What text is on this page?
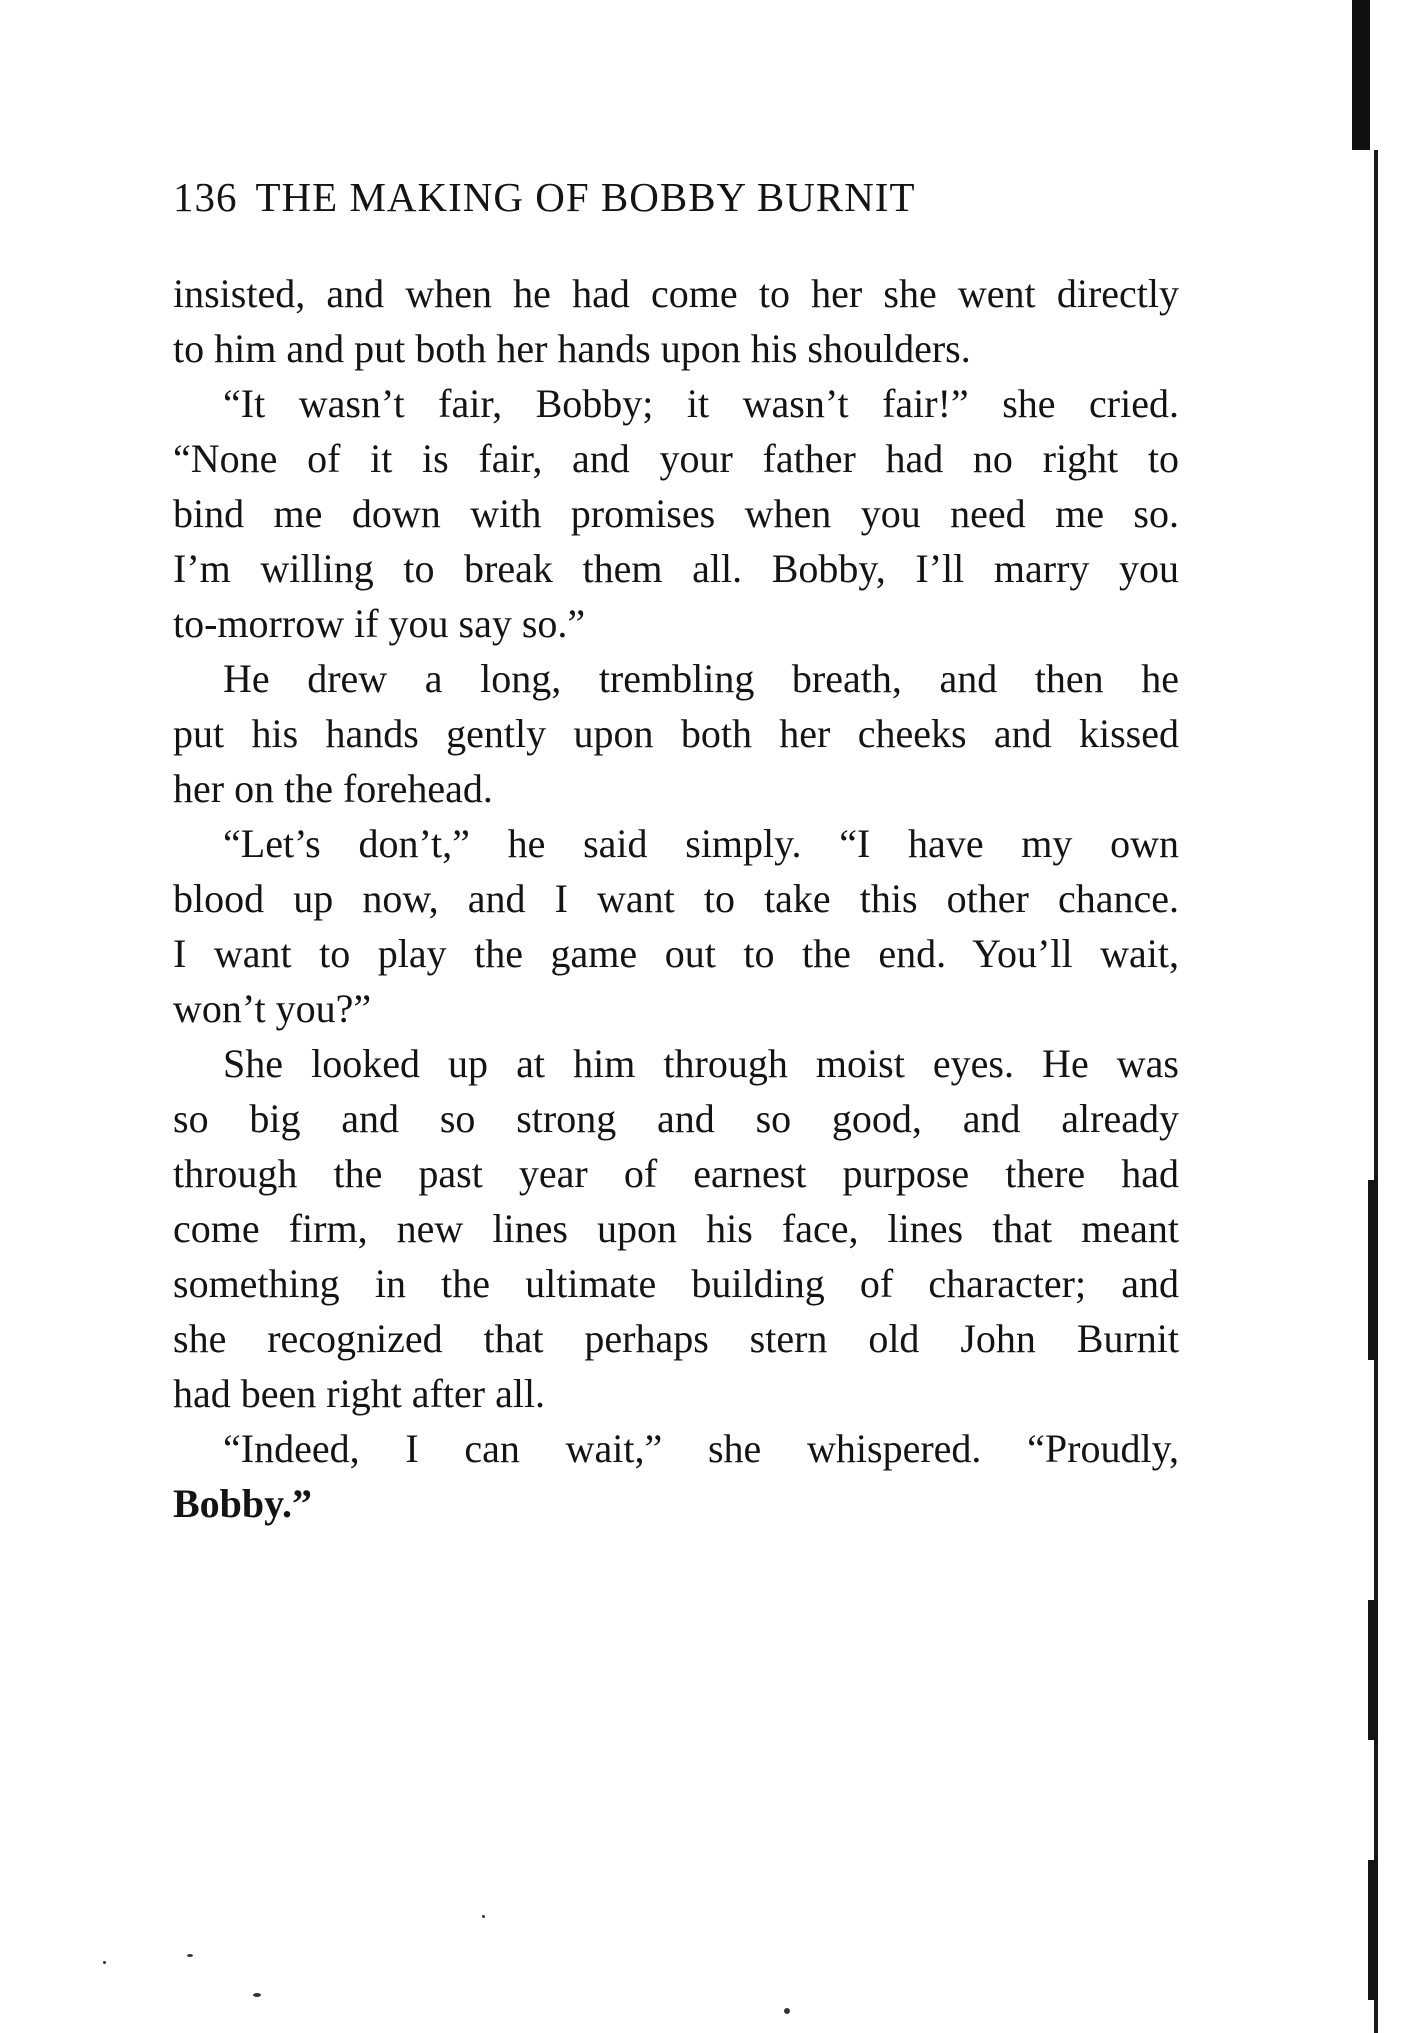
136 THE MAKING OF BOBBY BURNIT
insisted, and when he had come to her she went directly
to him and put both her hands upon his shoulders.
“It wasn’t fair, Bobby; it wasn’t fair!” she cried.
“None of it is fair, and your father had no right to
bind me down with promises when you need me so.
I’m willing to break them all. Bobby, I’ll marry you
to-morrow if you say so.”
He drew a long, trembling breath, and then he
put his hands gently upon both her cheeks and kissed
her on the forehead.
“Let’s don’t,” he said simply. “I have my own
blood up now, and I want to take this other chance.
I want to play the game out to the end. You’ll wait,
won’t you?”
She looked up at him through moist eyes. He was
so big and so strong and so good, and already
through the past year of earnest purpose there had
come firm, new lines upon his face, lines that meant
something in the ultimate building of character; and
she recognized that perhaps stern old John Burnit
had been right after all.
“Indeed, I can wait,” she whispered. “Proudly,
Bobby.”
